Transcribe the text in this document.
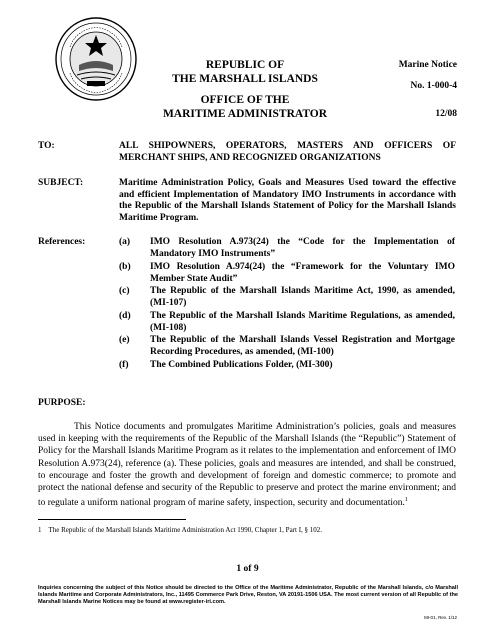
REPUBLIC OF
THE MARSHALL ISLANDS
OFFICE OF THE
MARITIME ADMINISTRATOR
Marine Notice
No. 1-000-4
12/08
TO:	ALL SHIPOWNERS, OPERATORS, MASTERS AND OFFICERS OF MERCHANT SHIPS, AND RECOGNIZED ORGANIZATIONS
SUBJECT:	Maritime Administration Policy, Goals and Measures Used toward the effective and efficient Implementation of Mandatory IMO Instruments in accordance with the Republic of the Marshall Islands Statement of Policy for the Marshall Islands Maritime Program.
References:	(a) IMO Resolution A.973(24) the “Code for the Implementation of Mandatory IMO Instruments”
(b) IMO Resolution A.974(24) the “Framework for the Voluntary IMO Member State Audit”
(c) The Republic of the Marshall Islands Maritime Act, 1990, as amended, (MI-107)
(d) The Republic of the Marshall Islands Maritime Regulations, as amended, (MI-108)
(e) The Republic of the Marshall Islands Vessel Registration and Mortgage Recording Procedures, as amended, (MI-100)
(f) The Combined Publications Folder, (MI-300)
PURPOSE:
This Notice documents and promulgates Maritime Administration’s policies, goals and measures used in keeping with the requirements of the Republic of the Marshall Islands (the “Republic”) Statement of Policy for the Marshall Islands Maritime Program as it relates to the implementation and enforcement of IMO Resolution A.973(24), reference (a). These policies, goals and measures are intended, and shall be construed, to encourage and foster the growth and development of foreign and domestic commerce; to promote and protect the national defense and security of the Republic to preserve and protect the marine environment; and to regulate a uniform national program of marine safety, inspection, security and documentation.$^1$
1 The Republic of the Marshall Islands Maritime Administration Act 1990, Chapter 1, Part I, § 102.
1 of 9
Inquiries concerning the subject of this Notice should be directed to the Office of the Maritime Administrator, Republic of the Marshall Islands, c/o Marshall Islands Maritime and Corporate Administrators, Inc., 11495 Commerce Park Drive, Reston, VA 20191-1506 USA. The most current version of all Republic of the Marshall Islands Marine Notices may be found at www.register-iri.com.
MI-01, Rev. 1/12
